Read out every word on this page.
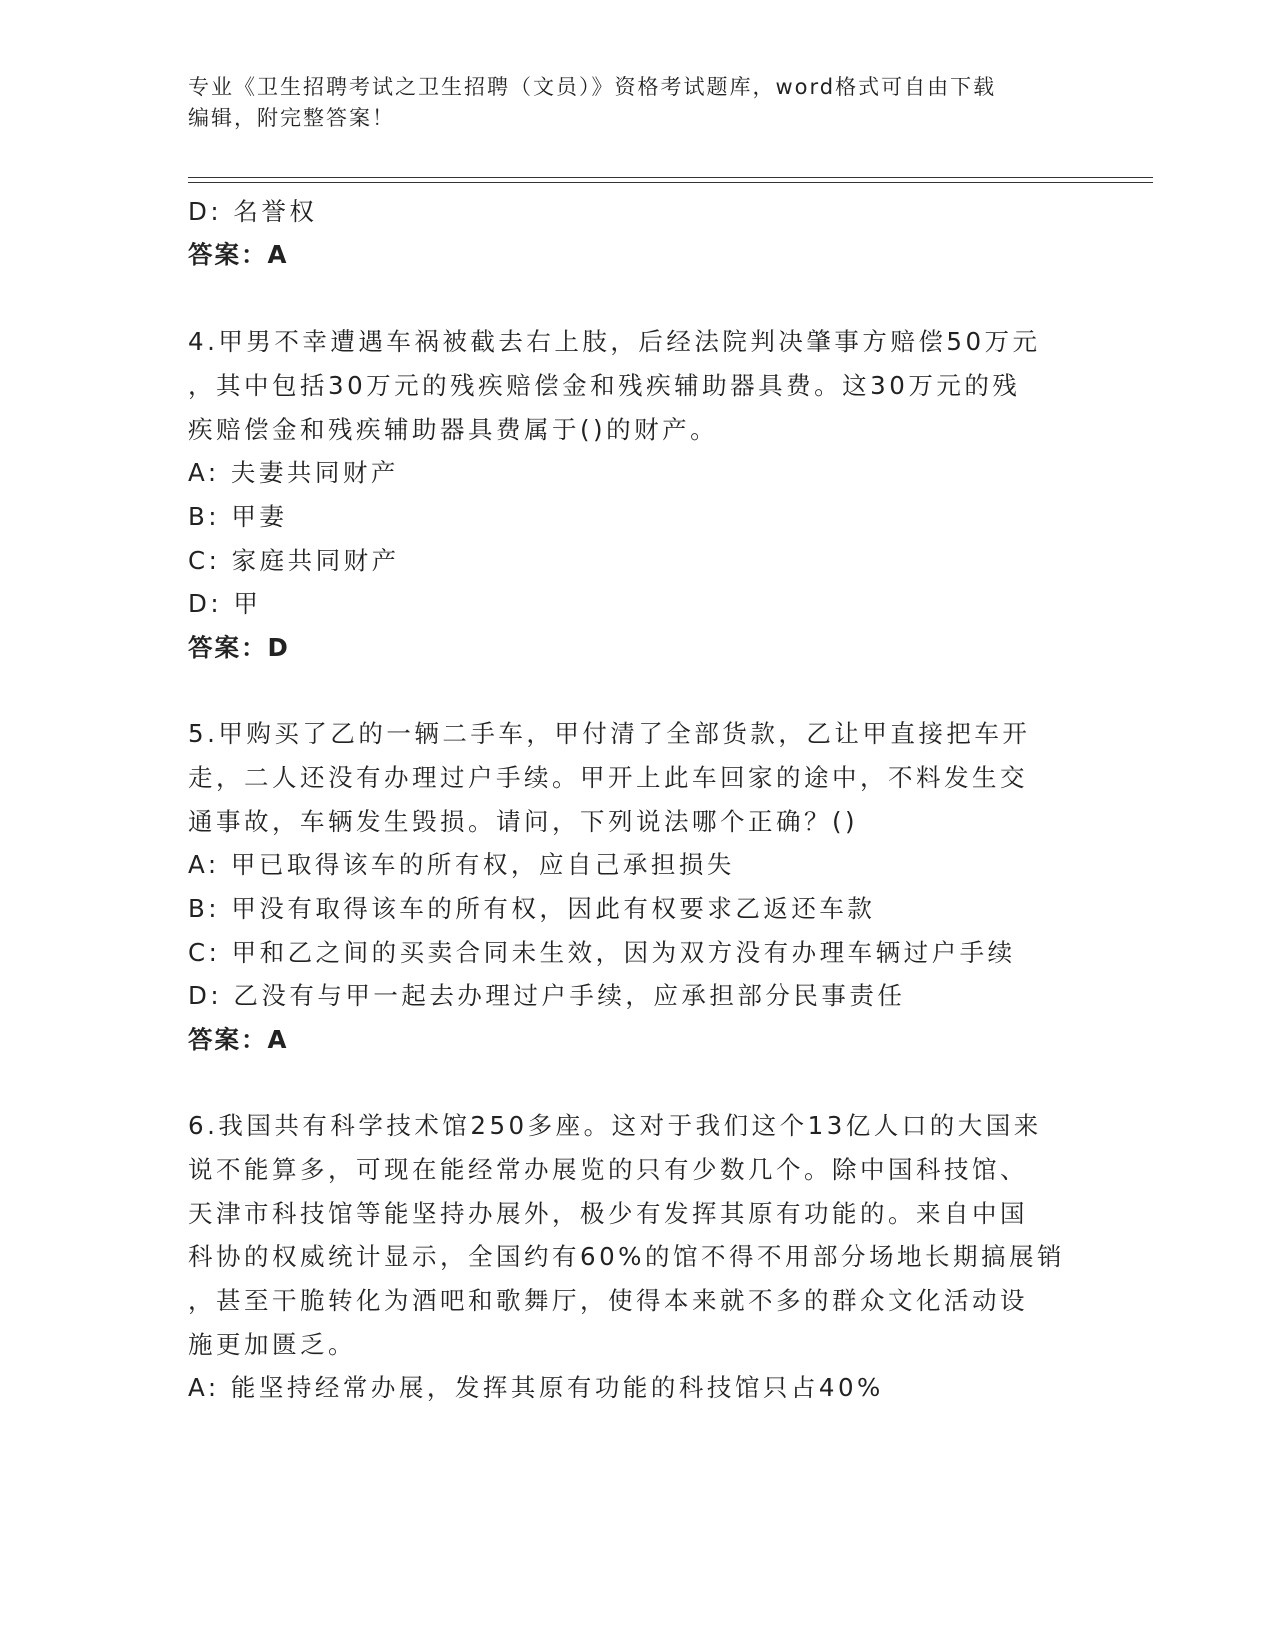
专业《卫生招聘考试之卫生招聘（文员）》资格考试题库，word格式可自由下载
编辑，附完整答案！
D: 名誉权
答案：A
4.甲男不幸遭遇车祸被截去右上肢，后经法院判决肇事方赔偿50万元
，其中包括30万元的残疾赔偿金和残疾辅助器具费。这30万元的残
疾赔偿金和残疾辅助器具费属于()的财产。
A: 夫妻共同财产
B: 甲妻
C: 家庭共同财产
D: 甲
答案：D
5.甲购买了乙的一辆二手车，甲付清了全部货款，乙让甲直接把车开
走，二人还没有办理过户手续。甲开上此车回家的途中，不料发生交
通事故，车辆发生毁损。请问，下列说法哪个正确？()
A: 甲已取得该车的所有权，应自己承担损失
B: 甲没有取得该车的所有权，因此有权要求乙返还车款
C: 甲和乙之间的买卖合同未生效，因为双方没有办理车辆过户手续
D: 乙没有与甲一起去办理过户手续，应承担部分民事责任
答案：A
6.我国共有科学技术馆250多座。这对于我们这个13亿人口的大国来
说不能算多，可现在能经常办展览的只有少数几个。除中国科技馆、
天津市科技馆等能坚持办展外，极少有发挥其原有功能的。来自中国
科协的权威统计显示，全国约有60%的馆不得不用部分场地长期搞展销
，甚至干脆转化为酒吧和歌舞厅，使得本来就不多的群众文化活动设
施更加匮乏。
A: 能坚持经常办展，发挥其原有功能的科技馆只占40%
